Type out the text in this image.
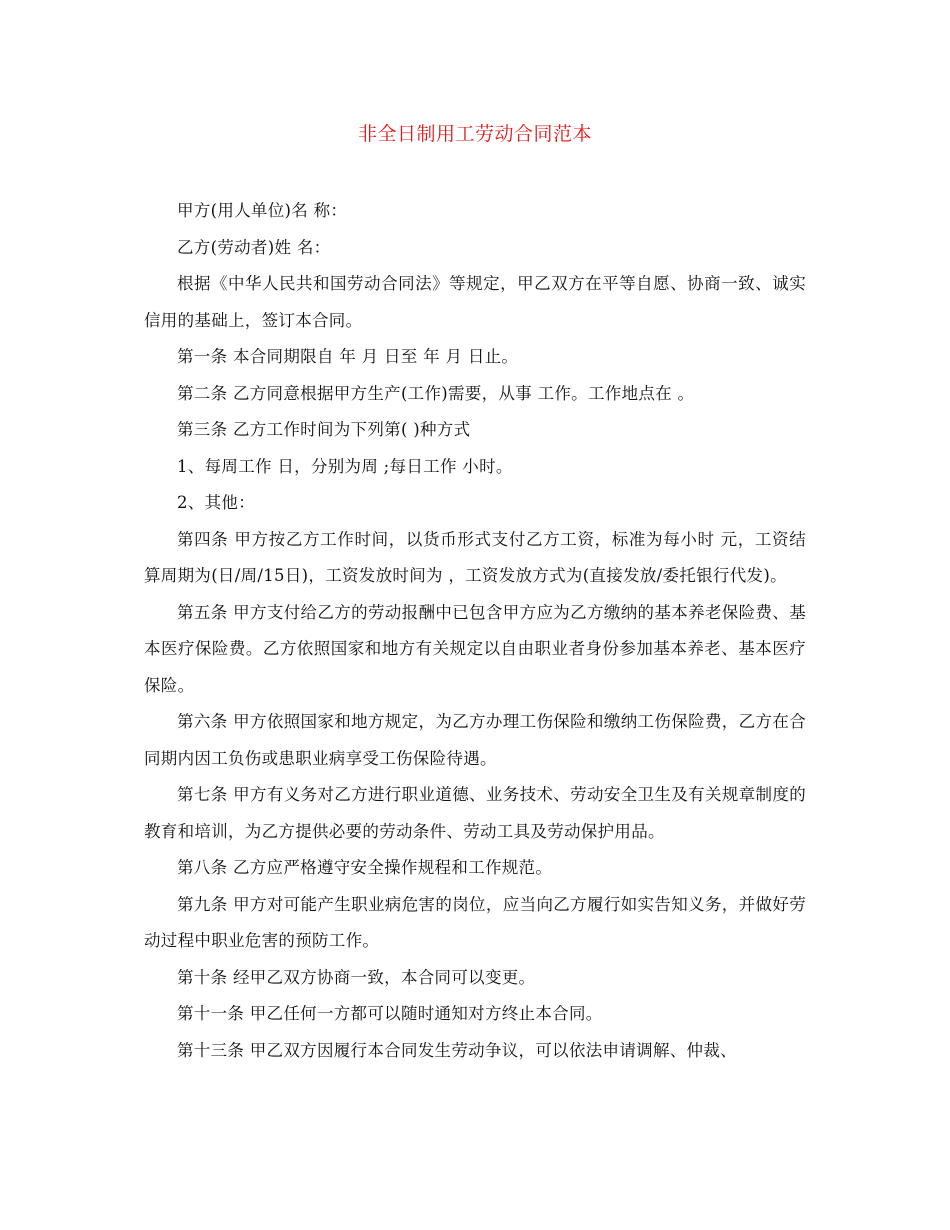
非全日制用工劳动合同范本

甲方(用人单位)名 称：

乙方(劳动者)姓 名：

根据《中华人民共和国劳动合同法》等规定，甲乙双方在平等自愿、协商一致、诚实信用的基础上，签订本合同。

第一条 本合同期限自 年 月 日至 年 月 日止。

第二条 乙方同意根据甲方生产(工作)需要，从事 工作。工作地点在 。

第三条 乙方工作时间为下列第( )种方式

1、每周工作 日，分别为周 ;每日工作 小时。

2、其他：

第四条 甲方按乙方工作时间，以货币形式支付乙方工资，标准为每小时 元，工资结算周期为(日/周/15日)，工资发放时间为 ，工资发放方式为(直接发放/委托银行代发)。

第五条 甲方支付给乙方的劳动报酬中已包含甲方应为乙方缴纳的基本养老保险费、基本医疗保险费。乙方依照国家和地方有关规定以自由职业者身份参加基本养老、基本医疗保险。

第六条 甲方依照国家和地方规定，为乙方办理工伤保险和缴纳工伤保险费，乙方在合同期内因工负伤或患职业病享受工伤保险待遇。

第七条 甲方有义务对乙方进行职业道德、业务技术、劳动安全卫生及有关规章制度的教育和培训，为乙方提供必要的劳动条件、劳动工具及劳动保护用品。

第八条 乙方应严格遵守安全操作规程和工作规范。

第九条 甲方对可能产生职业病危害的岗位，应当向乙方履行如实告知义务，并做好劳动过程中职业危害的预防工作。

第十条 经甲乙双方协商一致，本合同可以变更。

第十一条 甲乙任何一方都可以随时通知对方终止本合同。

第十三条 甲乙双方因履行本合同发生劳动争议，可以依法申请调解、仲裁、
